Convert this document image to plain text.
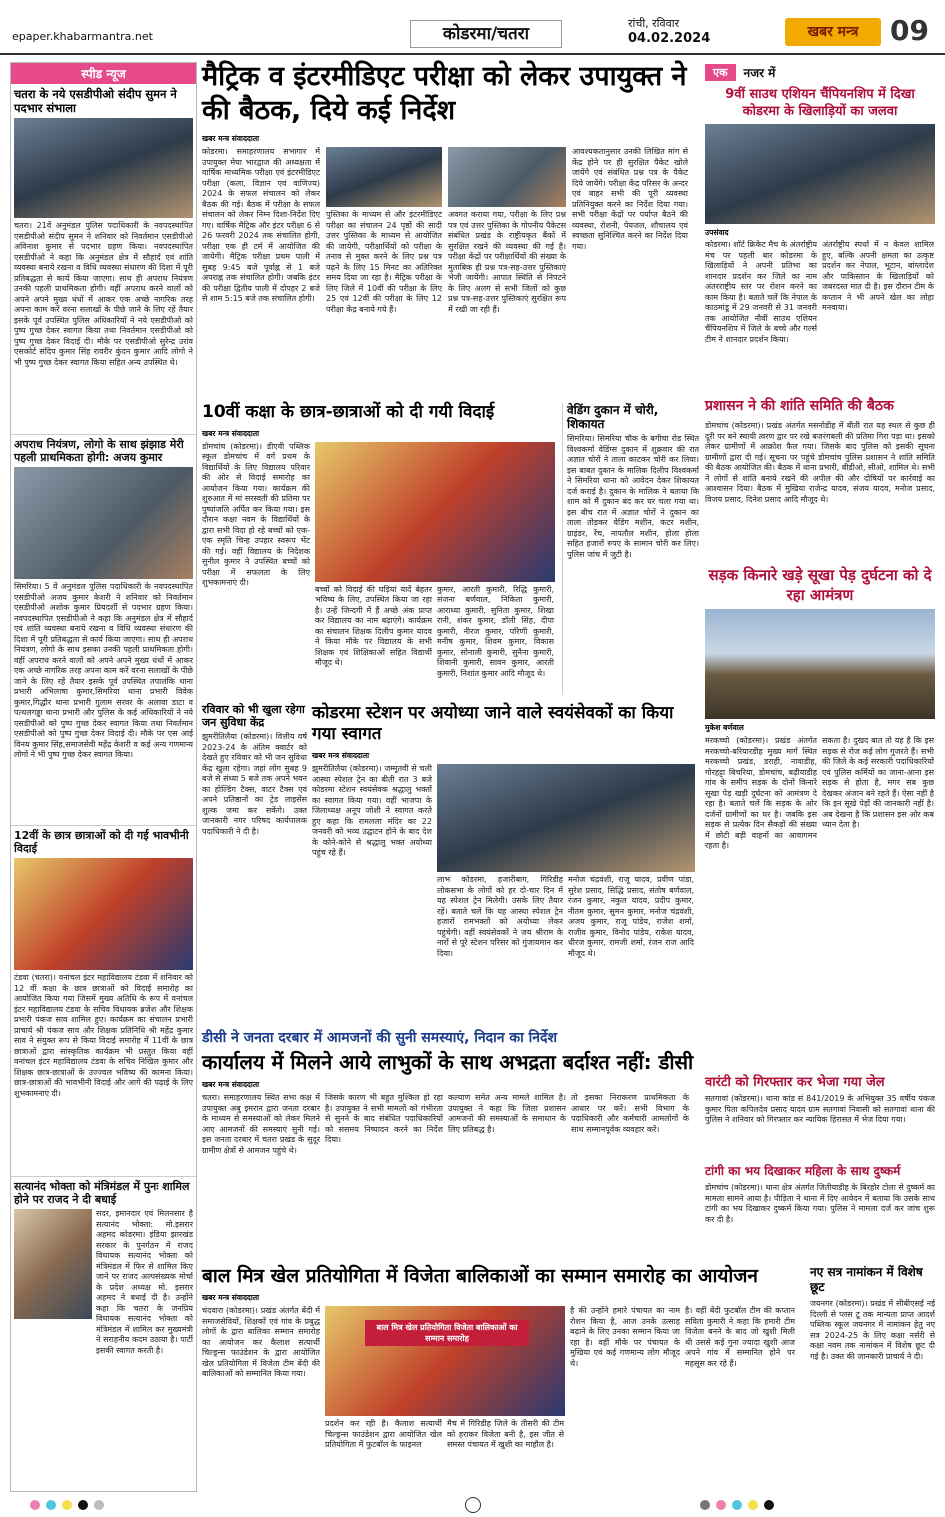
epaper.khabarmantra.net	कोडरमा/चतरा
रांची, रविवार
04.02.2024	खबर मन्त्र	09
स्पीड न्यूज
चतरा के नये एसडीपीओ संदीप सुमन ने पदभार संभाला
चतरा। 21वें अनुमंडल पुलिस पदाधिकारी के नवपदस्थापित एसडीपीओ संदीप सुमन ने शनिवार को निवर्तमान एसडीपीओ अविनाश कुमार से पदभार ग्रहण किया। नवपदस्थापित एसडीपीओ ने कहा कि अनुमंडल क्षेत्र में सौहार्द एवं शांति व्यवस्था बनाये रखना व विधि व्यवस्था संधारण की दिशा में पूरी प्रतिबद्धता से कार्य किया जाएगा। साथ ही अपराध नियंत्रण उनकी पहली प्राथमिकता होगी। वहीं अपराध करने वालों को अपने अपने मुख्य धंधों में आकर एक अच्छे नागरिक तरह अपना काम करें वरना सलाखों के पीछे जाने के लिए रहें तैयार इसके पूर्व उपस्थित पुलिस अधिकारियों ने नये एसडीपीओ को पुष्प गुच्छ देकर स्वागत किया तथा निवर्तमान एसडीपीओ को पुष्प गुच्छ देकर विदाई दी। मौके पर एसडीपीओ सुरेन्द्र उरांव एसकोर्ट संदिप कुमार सिंह रावरीर कुंदन कुमार आदि लोगो ने भी पुष्प गुच्छ देकर स्वागत किया सहित अन्य उपस्थित थे।
अपराध नियंत्रण, लोगो के साथ झंझाड मेरी पहली प्राथमिकता होगी: अजय कुमार
सिमरिया। 5 वें अनुमंडल पुलिस पदाधिकारी के नवपदस्थापित एसडीपीओ अजय कुमार केशरी ने शनिवार को निवर्तमान एसडीपीओ अशोक कुमार प्रियदर्शी से पदभार ग्रहण किया। नवपदस्थापित एसडीपीओ ने कहा कि अनुमंडल क्षेत्र में सौहार्द एवं शांति व्यवस्था बनाये रखना व विधि व्यवस्था संधारण की दिशा में पूरी प्रतिबद्धता से कार्य किया जाएगा। साथ ही अपराध नियंत्रण, लोगो के साथ इसका उनकी पहली प्राथमिकता होगी। वहीं अपराध करने वालों को अपने अपने मुख्य धंधों में आकर एक अच्छे नागरिक तरह अपना काम करें वरना सलाखों के पीछे जाने के लिए रहें तैयार इसके पूर्व उपस्थित तपालंकि थाना प्रभारी अभिलाषा कुमार,सिमरिया थाना प्रभारी विवेक कुमार,गिद्धौर थाना प्रभारी गुलाम सरवर के अलावा डाटा व पत्थलगड्डा थाना प्रभारी और पुलिस के कई अधिकारियों ने नये एसडीपीओ को पुष्प गुच्छ देकर स्वागत किया तथा निवर्तमान एसडीपीओ को पुष्प गुच्छ देकर विदाई दी। मौके पर एस आई विनय कुमार सिंह,समाजसेवी महेंद्र केशरी व कई अन्य गणमान्य लोगों ने भी पुष्प गुच्छ देकर स्वागत किया।
12वीं के छात्र छात्राओं को दी गई भावभीनी विदाई
टंडवा (चतरा)। वनांचल इंटर महाविद्यालय टंडवा में शनिवार को 12 वीं कक्षा के छात्र छात्राओं को विदाई समारोह का आयोजित किया गया जिसमें मुख्य अतिथि के रूप में वनांचल इंटर महाविद्यालय टंडवा के सचिव विधायक ब्रजेश और शिक्षक प्रभारी पंकज साव शामिल हुए। कार्यक्रम का संचालन प्रभारी प्राचार्य श्री पंकज साव और शिक्षक प्रतिनिधि श्री महेंद्र कुमार साव ने संयुक्त रूप से किया विदाई समारोह में 11वीं के छात्र छात्राओं द्वारा सांस्कृतिक कार्यक्रम भी प्रस्तुत किया वहीं वनांचल इंटर महाविद्यालय टंडवा के सचिव निखिल कुमार और शिक्षक छात्र-छात्राओं के उज्ज्वल भविष्य की कामना किया। छात्र-छात्राओं की भावभीनी विदाई और आगे की पढ़ाई के लिए शुभकामनाएं दी।
सत्यानंद भोक्ता को मंत्रिमंडल में पुनः शामिल होने पर राजद ने दी बधाई
सदर, इमानदार एवं मिलनसार है सत्यानंद भोक्ता: मो.इसरार अहमद कोडरमा। इंडिया झारखंड सरकार के पुनर्गठन में राजद विधायक सत्यानंद भोक्ता को मंत्रिमंडल में फिर से शामिल किए जाने पर राजद अल्पसंख्यक मोर्चा के प्रदेश अध्यक्ष मो. इसरार अहमद ने बधाई दी है। उन्होंने कहा कि चतरा के जनप्रिय विधायक सत्यानंद भोक्ता को मंत्रिमंडल में शामिल कर मुख्यमंत्री ने सराहनीय कदम उठाया है। पार्टी इसकी स्वागत करती है।
मैट्रिक व इंटरमीडिएट परीक्षा को लेकर उपायुक्त ने की बैठक, दिये कई निर्देश
खबर मन्त्र संवाददाता
कोडरमा। समाहरणालय सभागार में उपायुक्त मेघा भारद्वाज की अध्यक्षता में वार्षिक माध्यमिक परीक्षा एवं इंटरमीडिएट परीक्षा (कला, विज्ञान एवं वाणिज्य) 2024 के सफल संचालन को लेकर बैठक की गई। बैठक में परीक्षा के सफल संचालन को लेकर निम्न दिशा-निर्देश दिए गए। वार्षिक मैट्रिक और इंटर परीक्षा 6 से 26 फरवरी 2024 तक संचालित होगी, परीक्षा एक ही टर्म में आयोजित की जायेगी। मैट्रिक परीक्षा प्रथम पाली में सुबह 9:45 बजे पूर्वाह्न से 1 बजे अपराह्न तक संचालित होगी। जबकि इंटर की परीक्षा द्वितीय पाली में दोपहर 2 बजे से शाम 5:15 बजे तक संचालित होगी।
पुस्तिका के माध्यम से और इंटरमीडिएट परीक्षा का संचालन 24 पृष्ठों की सादी उत्तर पुस्तिका के माध्यम से आयोजित की जायेगी, परीक्षार्थियों को परीक्षा के तनाव से मुक्त करने के लिए प्रश्न पत्र पढ़ने के लिए 15 मिनट का अतिरिक्त समय दिया जा रहा है। मैट्रिक परीक्षा के लिए जिले में 10वीं की परीक्षा के लिए 25 एवं 12वीं की परीक्षा के लिए 12 परीक्षा केंद्र बनाये गये हैं।
अवगत कराया गया, परीक्षा के लिए प्रश्न पत्र एवं उत्तर पुस्तिका के गोपनीय पैकेटस संबंधित प्रखंड के राष्ट्रीयकृत बैंकों में सुरक्षित रखने की व्यवस्था की गई है। परीक्षा केंद्रों पर परीक्षार्थियों की संख्या के मुताबिक ही प्रश्न पत्र-सह-उत्तर पुस्तिकाएं भेजी जायेंगी। आपात स्थिति से निपटने के लिए अलग से सभी जिलों को कुछ प्रश्न पत्र-सह-उत्तर पुस्तिकाएं सुरक्षित रूप में रखी जा रही हैं।
आवश्यकतानुसार उनकी लिखित मांग से केंद्र होने पर ही सुरक्षित पैकेट खोले जायेंगे एवं संबंधित प्रश्न पत्र के पैकेट दिये जायेंगे। परीक्षा केंद्र परिसर के अन्दर एवं बाहर सभी की पूरी व्यवस्था प्रतिनियुक्त करने का निर्देश दिया गया। सभी परीक्षा केंद्रों पर पर्याप्त बैठने की व्यवस्था, रोशनी, पेयजल, शौचालय एवं स्वच्छता सुनिश्चित करने का निर्देश दिया गया।
10वीं कक्षा के छात्र-छात्राओं को दी गयी विदाई
खबर मन्त्र संवाददाता
डोमचांच (कोडरमा)। डीएवी पब्लिक स्कूल डोमचांच में वर्ग प्रथम के विद्यार्थियों के लिए विद्यालय परिवार की ओर से विदाई समारोह का आयोजन किया गया। कार्यक्रम की शुरुआत में मां सरस्वती की प्रतिमा पर पुष्पांजलि अर्पित कर किया गया। इस दौरान कक्षा नवम के विद्यार्थियों के द्वारा सभी विदा हो रहे बच्चों को एक-एक स्मृति चिन्ह उपहार स्वरूप भेंट की गई। वहीं विद्यालय के निदेशक सुनील कुमार ने उपस्थित बच्चों को परीक्षा में सफलता के लिए शुभकामनाएं दी।
बच्चों को विदाई की घड़ियां यादें बेहतर भविष्य के लिए, उपस्थित किया जा रहा है। उन्हें जिन्दगी में हैं अच्छे अंक प्राप्त कर विद्यालय का नाम बढ़ाएंगे। कार्यक्रम का संचालन शिक्षक दिलीप कुमार यादव ने किया मौके पर विद्यालय के सभी शिक्षक एवं शिक्षिकाओं सहित विद्यार्थी मौजूद थे।
कुमार, आरती कुमारी, रिद्धि कुमारी, संजना बर्णवाल, निकिता कुमारी, आराध्या कुमारी, सुनिता कुमार, शिखा रानी, शंकर कुमार, डॉली सिंह, दीपा कुमारी, नीरज कुमार, परिणी कुमारी, मनीष कुमार, शिवम कुमार, विकास कुमार, सोनाली कुमारी, सुनैना कुमारी, शिवानी कुमारी, सावन कुमार, आरती कुमारी, निशांत कुमार आदि मौजूद थे।
वेडिंग दुकान में चोरी, शिकायत
सिमरिया। सिमरिया चौक के बगीचा रोड स्थित विश्वकर्मा वेडिंग्स दुकान में शुक्रवार की रात अज्ञात चोरों ने ताला काटकर चोरी कर लिया। इस बाबत दुकान के मालिक दिलीप विश्वकर्मा ने सिमरिया थाना को आवेदन देकर शिकायत दर्ज कराई है। दुकान के मालिक ने बताया कि शाम को मैं दुकान बंद कर घर चला गया था। इस बीच रात में अज्ञात चोरों ने दुकान का ताला तोड़कर वेडिंग मशीन, कटर मशीन, ग्राइंडर, रेंच, नापतौल मशीन, होला होला सहित हजारों रुपए के सामान चोरी कर लिए। पुलिस जांच में जुटी है।
रविवार को भी खुला रहेगा जन सुविधा केंद्र
झुमरीतिलैया (कोडरमा)। वित्तीय वर्ष 2023-24 के अंतिम क्वार्टर को देखते हुए रविवार को भी जन सुविधा केंद्र खुला रहेगा। जहां लोग सुबह 9 बजे से संध्या 5 बजे तक अपने भवन का होल्डिंग टैक्स, वाटर टैक्स एवं अपने प्रतिष्ठानों का ट्रेड लाइसेंस शुल्क जमा कर सकेंगे। उक्त जानकारी नगर परिषद कार्यपालक पदाधिकारी ने दी है।
कोडरमा स्टेशन पर अयोध्या जाने वाले स्वयंसेवकों का किया गया स्वागत
खबर मन्त्र संवाददाता
झुमरीतिलैया (कोडरमा)। जम्मूतवी से चली आस्था स्पेशल ट्रेन का बीती रात 3 बजे कोडरमा स्टेशन स्वयंसेवक श्रद्धालु भक्तों का स्वागत किया गया। वहीं भाजपा के जिलाध्यक्ष अनूप जोशी ने स्वागत करते हुए कहा कि रामलला मंदिर का 22 जनवरी को भव्य उद्घाटन होने के बाद देश के कोने-कोने से श्रद्धालु भक्त अयोध्या पहुंच रहे हैं।
लाभ कोडरमा, हजारीबाग, गिरिडीह लोकसभा के लोगों को हर दो-चार दिन में यह स्पेशल ट्रेन मिलेगी। उसके लिए तैयार रहें। बताते चलें कि यह आस्था स्पेशल ट्रेन हजारों रामभक्तों को अयोध्या लेकर पहुंचेगी। वहीं स्वयंसेवकों ने जय श्रीराम के नारों से पूरे स्टेशन परिसर को गुंजायमान कर दिया।
मनोज चंद्रवंशी, राजू यादव, प्रवीण पांडा, सुरेश प्रसाद, सिद्धि प्रसाद, संतोष बर्णवाल, रंजन कुमार, नकुल यादव, प्रदीप कुमार, नीतम कुमार, सुमन कुमार, मनोज चंद्रवंशी, अजय कुमार, राजू पांडेय, राजेश शर्मा, राजीव कुमार, विनोद पांडेय, राकेश यादव, धीरज कुमार, रामजी शर्मा, रंजन राज आदि मौजूद थे।
डीसी ने जनता दरबार में आमजनों की सुनी समस्याएं, निदान का निर्देश
कार्यालय में मिलने आये लाभुकों के साथ अभद्रता बर्दाश्त नहीं: डीसी
खबर मन्त्र संवाददाता
चतरा। समाहरणालय स्थित सभा कक्ष में उपायुक्त अबु इमरान द्वारा जनता दरबार के माध्यम से समस्याओं को लेकर मिलने आए आमजनों की समस्याएं सुनी गई। इस जनता दरबार में चतरा प्रखंड के सुदूर ग्रामीण क्षेत्रों से आमजन पहुंचे थे।
जिसके कारण भी बहुत मुश्किल हो रहा है। उपायुक्त ने सभी मामलों को गंभीरता से सुनने के बाद संबंधित पदाधिकारियों को ससमय निष्पादन करने का निर्देश दिया।
कल्याण समेत अन्य मामले शामिल है। उपायुक्त ने कहा कि जिला प्रशासन आमजनों की समस्याओं के समाधान के लिए प्रतिबद्ध है।
तो इसका निराकरण प्राथमिकता के आधार पर करें। सभी विभाग के पदाधिकारी और कर्मचारी आमलोगों के साथ सम्मानपूर्वक व्यवहार करें।
बाल मित्र खेल प्रतियोगिता में विजेता बालिकाओं का सम्मान समारोह का आयोजन
खबर मन्त्र संवाददाता
चंदवारा (कोडरमा)। प्रखंड अंतर्गत बेंदी में समाजसेवियों, शिक्षकों एवं गांव के प्रबुद्ध लोगों के द्वारा बालिका सम्मान समारोह का आयोजन कर कैलाश सत्यार्थी चिल्ड्रन्स फाउंडेशन के द्वारा आयोजित खेल प्रतियोगिता में विजेता टीम बेंदी की बालिकाओं को सम्मानित किया गया।
बाल मित्र खेल प्रतियोगिता विजेता बालिकाओं का सम्मान समारोह
प्रदर्शन कर रही है। कैलाश सत्यार्थी चिल्ड्रन्स फाउंडेशन द्वारा आयोजित खेल प्रतियोगिता में फुटबॉल के फाइनल
मैच में गिरिडीह जिले के तीसरी की टीम को हराकर विजेता बनी है, इस जीत से समस्त पंचायत में खुशी का माहौल है।
है की उन्होंने हमारे पंचायत का नाम रोशन किया है, आज उनके उत्साह बढ़ाने के लिए उनका सम्मान किया जा रहा है। वहीं मौके पर पंचायत के मुखिया एवं कई गणमान्य लोग मौजूद थे।
है। वहीं बेंदी फुटबॉल टीम की कप्तान सविता कुमारी ने कहा कि हमारी टीम विजेता बनने के बाद जो खुशी मिली थी उससे कई गुना ज्यादा खुशी आज अपने गांव में सम्मानित होने पर महसूस कर रहे हैं।
एक	नजर में
9वीं साउथ एशियन चैंपियनशिप में दिखा कोडरमा के खिलाड़ियों का जलवा
उपसंवाद
कोडरमा। शॉर्ट क्रिकेट मैच के अंतर्राष्ट्रीय मंच पर पहली बार कोडरमा के खिलाड़ियों ने अपनी प्रतिभा का शानदार प्रदर्शन कर जिले का नाम अंतरराष्ट्रीय स्तर पर रोशन करने का काम किया है। बताते चलें कि नेपाल के काठमांडू में 29 जनवरी से 31 जनवरी तक आयोजित नौवीं साउथ एशियन चैंपियनशिप में जिले के बच्चे और गर्ल्स टीम ने शानदार प्रदर्शन किया।
अंतर्राष्ट्रीय स्पर्धा में न केवल शामिल हुए, बल्कि अपनी क्षमता का उत्कृष्ट प्रदर्शन कर नेपाल, भूटान, बांग्लादेश और पाकिस्तान के खिलाड़ियों को जबरदस्त मात दी है। इस दौरान टीम के कप्तान ने भी अपने खेल का लोहा मनवाया।
प्रशासन ने की शांति समिति की बैठक
डोमचांच (कोडरमा)। प्रखंड अंतर्गत मसनोडीह में बीती रात यह स्थल से कुछ ही दूरी पर बने स्थायी त्वरण द्वार पर रखे बजरंगबली की प्रतिमा गिरा पड़ा था। इसको लेकर ग्रामीणों में आक्रोश फैल गया। जिसके बाद पुलिस को इसकी सूचना ग्रामीणों द्वारा दी गई। सूचना पर पहुंचे डोमचांच पुलिस प्रशासन ने शांति समिति की बैठक आयोजित की। बैठक में थाना प्रभारी, बीडीओ, सीओ, शामिल थे। सभी ने लोगों से शांति बनाये रखने की अपील की और दोषियों पर कार्रवाई का आश्वासन दिया। बैठक में मुखिया राजेन्द्र यादव, संजय यादव, मनोज प्रसाद, विजय प्रसाद, दिनेश प्रसाद आदि मौजूद थे।
सड़क किनारे खड़े सूखा पेड़ दुर्घटना को दे रहा आमंत्रण
मुकेश बर्णवाल
मरकच्चो (कोडरमा)। प्रखंड अंतर्गत मरकच्चो-बरियारडीह मुख्य मार्ग स्थित मरकच्चो प्रखंड, डराही, नावाडीह, गोरहट्टा बिचरिया, डोमचांच, बढ़ीयाडीह गांव के समीप सड़क के दोनों किनारे सूखा पेड़ खड़ी दुर्घटना को आमंत्रण दे रहा है। बताते चलें कि सड़क के ओर दर्जनों ग्रामीणों का घर है। जबकि इस सड़क से प्रत्येक दिन सैकड़ों की संख्या में छोटी बड़ी वाहनों का आवागमन रहता है।
सकता है। दुखद बात तो यह है कि इस सड़क से रोज कई लोग गुजरते हैं। सभी की जिले के कई सरकारी पदाधिकारियों एवं पुलिस कर्मियों का जाना-आना इस सड़क से होता है, मगर सब कुछ देखकर अंजान बने रहते हैं। ऐसा नहीं है कि इन सूखे पेड़ों की जानकारी नहीं है। अब देखना है कि प्रशासन इस ओर कब ध्यान देता है।
वारंटी को गिरफ्तार कर भेजा गया जेल
सतगावां (कोडरमा)। थाना कांड सं 841/2019 के अभियुक्त 35 वर्षीय पंकज कुमार पिता कपिलदेव प्रसाद यादव ग्राम सतगावां निवासी को सतगावां थाना की पुलिस ने शनिवार को गिरफ्तार कर न्यायिक हिरासत में भेज दिया गया।
टांगी का भय दिखाकर महिला के साथ दुष्कर्म
डोमचांच (कोडरमा)। थाना क्षेत्र अंतर्गत जितीयाडीह के बिरहोर टोला से दुष्कर्म का मामला सामने आया है। पीड़िता ने थाना में दिए आवेदन में बताया कि उसके साथ टांगी का भय दिखाकर दुष्कर्म किया गया। पुलिस ने मामला दर्ज कर जांच शुरू कर दी है।
नए सत्र नामांकन में विशेष छूट
जयनगर (कोडरमा)। प्रखंड में सीबीएसई नई दिल्ली से प्लस टू तक मान्यता प्राप्त आदर्श पब्लिक स्कूल जयनगर में नामांकन हेतु नए सत्र 2024-25 के लिए कक्षा नर्सरी से कक्षा नवम तक नामांकन में विशेष छूट दी गई है। उक्त की जानकारी प्राचार्य ने दी।
